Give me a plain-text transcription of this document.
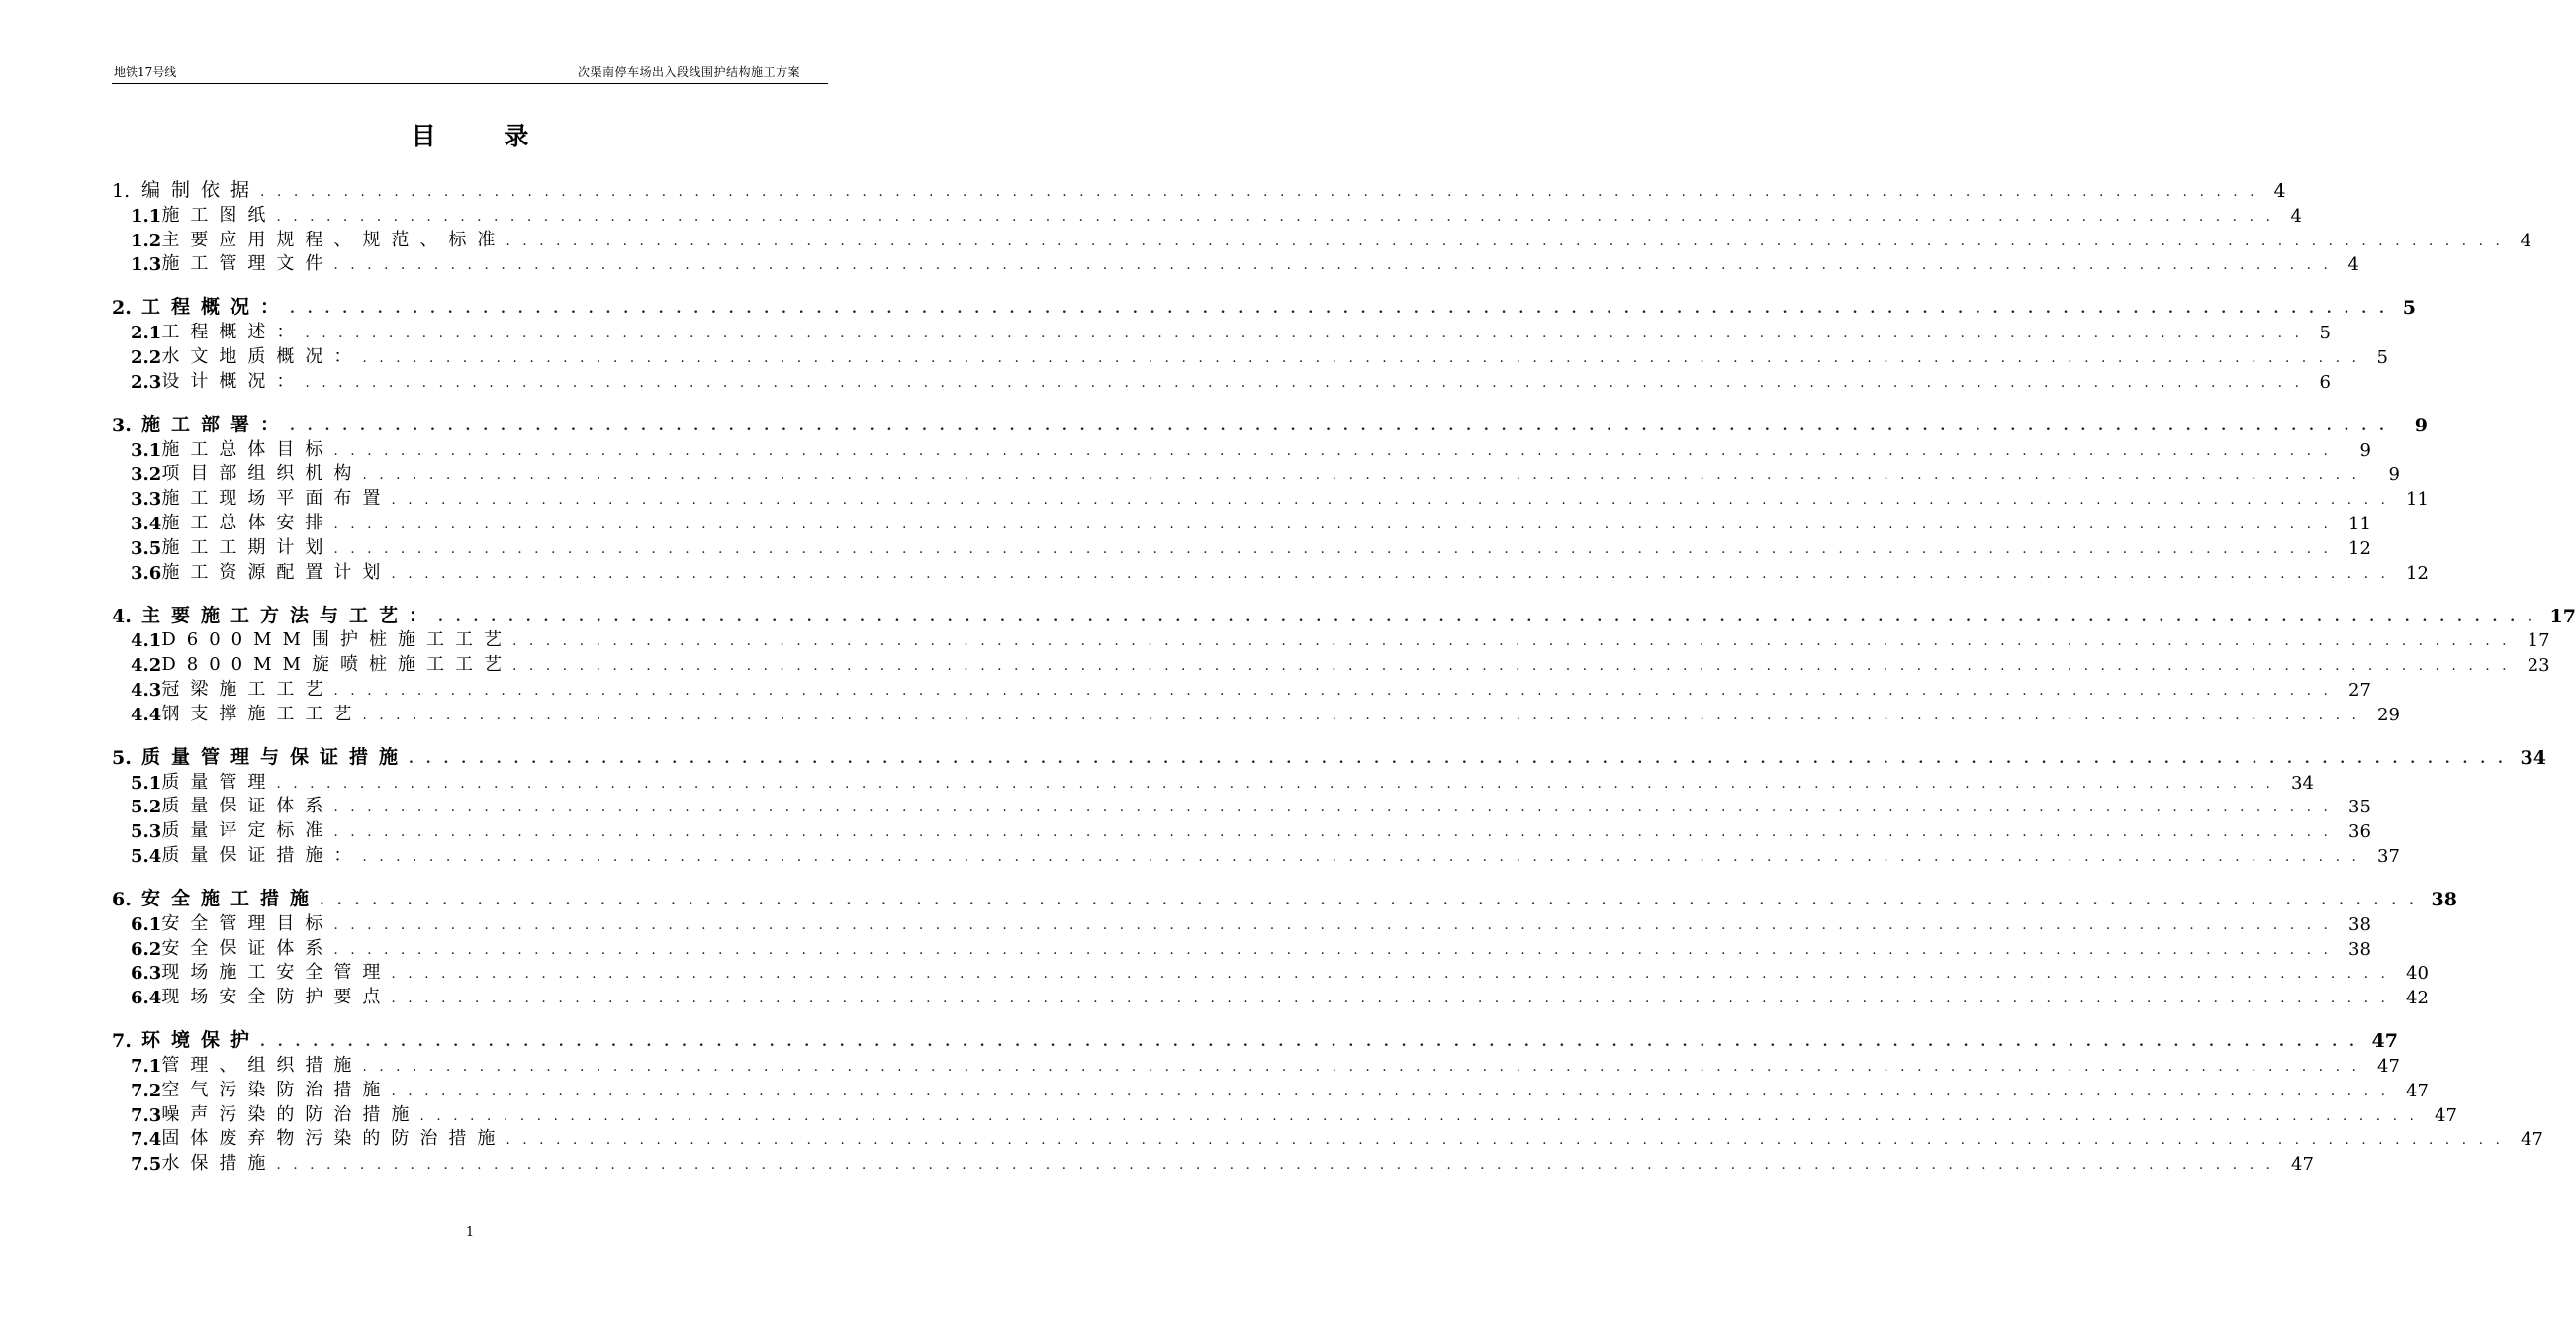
地铁17号线	次渠南停车场出入段线围护结构施工方案
目 录
1. 编制依据 . . . . . . . . . . . . . . . . . . . . . . . . . . . . . . . . . . . . . . . . . . . . . . . . . . . . . . . . . . . . . . . . . . . . . . . . . . . . . . . . . . . . . . . . . . . . . . . . . . . . . . . . . . . . . . . . . . . . . . . . 4
1.1 施工图纸 . . . . . . . . . . . . . . . . . . . . . . . . . . . . . . . . . . . . . . . . . . . . . . . . . . . . . . . . . . . . . . . . . . . . . . . . . . . . . . . . . . . . . . . . . . . . . . . . . . . . . . . . . . . . . . . . . . . . . . . . 4
1.2 主要应用规程、规范、标准 . . . . . . . . . . . . . . . . . . . . . . . . . . . . . . . . . . . . . . . . . . . . . . . . . . . . . . . . . . . . . . . . . . . . . . . . . . . . . . . . . . . . . . . . . . . . . . . . . . . . . . . . . . . . . . . . . . . . . . . . 4
1.3 施工管理文件 . . . . . . . . . . . . . . . . . . . . . . . . . . . . . . . . . . . . . . . . . . . . . . . . . . . . . . . . . . . . . . . . . . . . . . . . . . . . . . . . . . . . . . . . . . . . . . . . . . . . . . . . . . . . . . . . . . . . . . . . 4
2. 工程概况： . . . . . . . . . . . . . . . . . . . . . . . . . . . . . . . . . . . . . . . . . . . . . . . . . . . . . . . . . . . . . . . . . . . . . . . . . . . . . . . . . . . . . . . . . . . . . . . . . . . . . . . . . . . . . . . . . . . . . . . . 5
2.1 工程概述： . . . . . . . . . . . . . . . . . . . . . . . . . . . . . . . . . . . . . . . . . . . . . . . . . . . . . . . . . . . . . . . . . . . . . . . . . . . . . . . . . . . . . . . . . . . . . . . . . . . . . . . . . . . . . . . . . . . . . . . . 5
2.2 水文地质概况： . . . . . . . . . . . . . . . . . . . . . . . . . . . . . . . . . . . . . . . . . . . . . . . . . . . . . . . . . . . . . . . . . . . . . . . . . . . . . . . . . . . . . . . . . . . . . . . . . . . . . . . . . . . . . . . . . . . . . . . . 5
2.3 设计概况： . . . . . . . . . . . . . . . . . . . . . . . . . . . . . . . . . . . . . . . . . . . . . . . . . . . . . . . . . . . . . . . . . . . . . . . . . . . . . . . . . . . . . . . . . . . . . . . . . . . . . . . . . . . . . . . . . . . . . . . . 6
3. 施工部署： . . . . . . . . . . . . . . . . . . . . . . . . . . . . . . . . . . . . . . . . . . . . . . . . . . . . . . . . . . . . . . . . . . . . . . . . . . . . . . . . . . . . . . . . . . . . . . . . . . . . . . . . . . . . . . . . . . . . . . . .	9
3.1 施工总体目标 . . . . . . . . . . . . . . . . . . . . . . . . . . . . . . . . . . . . . . . . . . . . . . . . . . . . . . . . . . . . . . . . . . . . . . . . . . . . . . . . . . . . . . . . . . . . . . . . . . . . . . . . . . . . . . . . . . . . . . . .	9
3.2 项目部组织机构 . . . . . . . . . . . . . . . . . . . . . . . . . . . . . . . . . . . . . . . . . . . . . . . . . . . . . . . . . . . . . . . . . . . . . . . . . . . . . . . . . . . . . . . . . . . . . . . . . . . . . . . . . . . . . . . . . . . . . . . .	9
3.3 施工现场平面布置 . . . . . . . . . . . . . . . . . . . . . . . . . . . . . . . . . . . . . . . . . . . . . . . . . . . . . . . . . . . . . . . . . . . . . . . . . . . . . . . . . . . . . . . . . . . . . . . . . . . . . . . . . . . . . . . . . . . . . . . . 11
3.4 施工总体安排 . . . . . . . . . . . . . . . . . . . . . . . . . . . . . . . . . . . . . . . . . . . . . . . . . . . . . . . . . . . . . . . . . . . . . . . . . . . . . . . . . . . . . . . . . . . . . . . . . . . . . . . . . . . . . . . . . . . . . . . . 11
3.5 施工工期计划 . . . . . . . . . . . . . . . . . . . . . . . . . . . . . . . . . . . . . . . . . . . . . . . . . . . . . . . . . . . . . . . . . . . . . . . . . . . . . . . . . . . . . . . . . . . . . . . . . . . . . . . . . . . . . . . . . . . . . . . . 12
3.6 施工资源配置计划 . . . . . . . . . . . . . . . . . . . . . . . . . . . . . . . . . . . . . . . . . . . . . . . . . . . . . . . . . . . . . . . . . . . . . . . . . . . . . . . . . . . . . . . . . . . . . . . . . . . . . . . . . . . . . . . . . . . . . . . . 12
4. 主要施工方法与工艺： . . . . . . . . . . . . . . . . . . . . . . . . . . . . . . . . . . . . . . . . . . . . . . . . . . . . . . . . . . . . . . . . . . . . . . . . . . . . . . . . . . . . . . . . . . . . . . . . . . . . . . . . . . . . . . . . . . . . . . . . 17
4.1 D600MM围护桩施工工艺 . . . . . . . . . . . . . . . . . . . . . . . . . . . . . . . . . . . . . . . . . . . . . . . . . . . . . . . . . . . . . . . . . . . . . . . . . . . . . . . . . . . . . . . . . . . . . . . . . . . . . . . . . . . . . . . . . . . . . . . . 17
4.2 D800MM旋喷桩施工工艺 . . . . . . . . . . . . . . . . . . . . . . . . . . . . . . . . . . . . . . . . . . . . . . . . . . . . . . . . . . . . . . . . . . . . . . . . . . . . . . . . . . . . . . . . . . . . . . . . . . . . . . . . . . . . . . . . . . . . . . . . 23
4.3 冠梁施工工艺 . . . . . . . . . . . . . . . . . . . . . . . . . . . . . . . . . . . . . . . . . . . . . . . . . . . . . . . . . . . . . . . . . . . . . . . . . . . . . . . . . . . . . . . . . . . . . . . . . . . . . . . . . . . . . . . . . . . . . . . . 27
4.4 钢支撑施工工艺 . . . . . . . . . . . . . . . . . . . . . . . . . . . . . . . . . . . . . . . . . . . . . . . . . . . . . . . . . . . . . . . . . . . . . . . . . . . . . . . . . . . . . . . . . . . . . . . . . . . . . . . . . . . . . . . . . . . . . . . . 29
5. 质量管理与保证措施 . . . . . . . . . . . . . . . . . . . . . . . . . . . . . . . . . . . . . . . . . . . . . . . . . . . . . . . . . . . . . . . . . . . . . . . . . . . . . . . . . . . . . . . . . . . . . . . . . . . . . . . . . . . . . . . . . . . . . . . . 34
5.1 质量管理 . . . . . . . . . . . . . . . . . . . . . . . . . . . . . . . . . . . . . . . . . . . . . . . . . . . . . . . . . . . . . . . . . . . . . . . . . . . . . . . . . . . . . . . . . . . . . . . . . . . . . . . . . . . . . . . . . . . . . . . . 34
5.2 质量保证体系 . . . . . . . . . . . . . . . . . . . . . . . . . . . . . . . . . . . . . . . . . . . . . . . . . . . . . . . . . . . . . . . . . . . . . . . . . . . . . . . . . . . . . . . . . . . . . . . . . . . . . . . . . . . . . . . . . . . . . . . . 35
5.3 质量评定标准 . . . . . . . . . . . . . . . . . . . . . . . . . . . . . . . . . . . . . . . . . . . . . . . . . . . . . . . . . . . . . . . . . . . . . . . . . . . . . . . . . . . . . . . . . . . . . . . . . . . . . . . . . . . . . . . . . . . . . . . . 36
5.4 质量保证措施： . . . . . . . . . . . . . . . . . . . . . . . . . . . . . . . . . . . . . . . . . . . . . . . . . . . . . . . . . . . . . . . . . . . . . . . . . . . . . . . . . . . . . . . . . . . . . . . . . . . . . . . . . . . . . . . . . . . . . . . . 37
6. 安全施工措施 . . . . . . . . . . . . . . . . . . . . . . . . . . . . . . . . . . . . . . . . . . . . . . . . . . . . . . . . . . . . . . . . . . . . . . . . . . . . . . . . . . . . . . . . . . . . . . . . . . . . . . . . . . . . . . . . . . . . . . . . 38
6.1 安全管理目标 . . . . . . . . . . . . . . . . . . . . . . . . . . . . . . . . . . . . . . . . . . . . . . . . . . . . . . . . . . . . . . . . . . . . . . . . . . . . . . . . . . . . . . . . . . . . . . . . . . . . . . . . . . . . . . . . . . . . . . . . 38
6.2 安全保证体系 . . . . . . . . . . . . . . . . . . . . . . . . . . . . . . . . . . . . . . . . . . . . . . . . . . . . . . . . . . . . . . . . . . . . . . . . . . . . . . . . . . . . . . . . . . . . . . . . . . . . . . . . . . . . . . . . . . . . . . . . 38
6.3 现场施工安全管理 . . . . . . . . . . . . . . . . . . . . . . . . . . . . . . . . . . . . . . . . . . . . . . . . . . . . . . . . . . . . . . . . . . . . . . . . . . . . . . . . . . . . . . . . . . . . . . . . . . . . . . . . . . . . . . . . . . . . . . . . 40
6.4 现场安全防护要点 . . . . . . . . . . . . . . . . . . . . . . . . . . . . . . . . . . . . . . . . . . . . . . . . . . . . . . . . . . . . . . . . . . . . . . . . . . . . . . . . . . . . . . . . . . . . . . . . . . . . . . . . . . . . . . . . . . . . . . . . 42
7. 环境保护 . . . . . . . . . . . . . . . . . . . . . . . . . . . . . . . . . . . . . . . . . . . . . . . . . . . . . . . . . . . . . . . . . . . . . . . . . . . . . . . . . . . . . . . . . . . . . . . . . . . . . . . . . . . . . . . . . . . . . . . . 47
7.1 管理、组织措施 . . . . . . . . . . . . . . . . . . . . . . . . . . . . . . . . . . . . . . . . . . . . . . . . . . . . . . . . . . . . . . . . . . . . . . . . . . . . . . . . . . . . . . . . . . . . . . . . . . . . . . . . . . . . . . . . . . . . . . . . 47
7.2 空气污染防治措施 . . . . . . . . . . . . . . . . . . . . . . . . . . . . . . . . . . . . . . . . . . . . . . . . . . . . . . . . . . . . . . . . . . . . . . . . . . . . . . . . . . . . . . . . . . . . . . . . . . . . . . . . . . . . . . . . . . . . . . . . 47
7.3 噪声污染的防治措施 . . . . . . . . . . . . . . . . . . . . . . . . . . . . . . . . . . . . . . . . . . . . . . . . . . . . . . . . . . . . . . . . . . . . . . . . . . . . . . . . . . . . . . . . . . . . . . . . . . . . . . . . . . . . . . . . . . . . . . . . 47
7.4 固体废弃物污染的防治措施 . . . . . . . . . . . . . . . . . . . . . . . . . . . . . . . . . . . . . . . . . . . . . . . . . . . . . . . . . . . . . . . . . . . . . . . . . . . . . . . . . . . . . . . . . . . . . . . . . . . . . . . . . . . . . . . . . . . . . . . . 47
7.5 水保措施 . . . . . . . . . . . . . . . . . . . . . . . . . . . . . . . . . . . . . . . . . . . . . . . . . . . . . . . . . . . . . . . . . . . . . . . . . . . . . . . . . . . . . . . . . . . . . . . . . . . . . . . . . . . . . . . . . . . . . . . . 47
1
